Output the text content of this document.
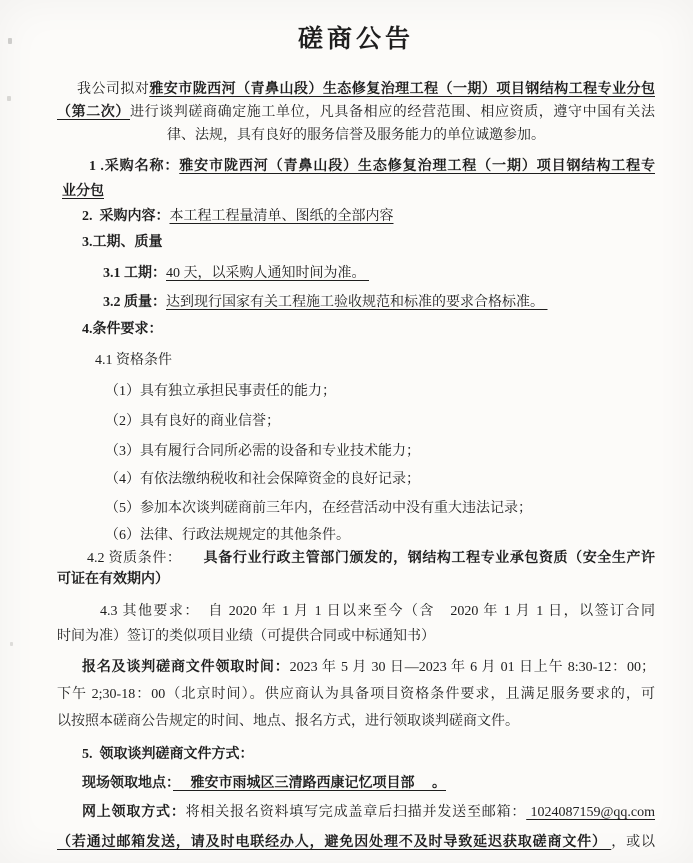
磋商公告
我公司拟对雅安市陇西河（青鼻山段）生态修复治理工程（一期）项目钢结构工程专业分包
（第二次）进行谈判磋商确定施工单位，凡具备相应的经营范围、相应资质，遵守中国有关法
律、法规，具有良好的服务信誉及服务能力的单位诚邀参加。
1 .采购名称：雅安市陇西河（青鼻山段）生态修复治理工程（一期）项目钢结构工程专
业分包
2.  采购内容：本工程工程量清单、图纸的全部内容
3.工期、质量
3.1 工期：40 天，以采购人通知时间为准。
3.2 质量：达到现行国家有关工程施工验收规范和标准的要求合格标准。
4.条件要求：
4.1 资格条件
（1）具有独立承担民事责任的能力；
（2）具有良好的商业信誉；
（3）具有履行合同所必需的设备和专业技术能力；
（4）有依法缴纳税收和社会保障资金的良好记录；
（5）参加本次谈判磋商前三年内，在经营活动中没有重大违法记录；
（6）法律、行政法规规定的其他条件。
4.2 资质条件：　　 具备行业行政主管部门颁发的，钢结构工程专业承包资质（安全生产许
可证在有效期内）
4.3 其他要求：　自 2020 年 1 月 1 日以来至今（含　2020 年 1 月 1 日，以签订合同
时间为准）签订的类似项目业绩（可提供合同或中标通知书）
报名及谈判磋商文件领取时间：2023 年 5 月 30 日—2023 年 6 月 01 日上午 8:30-12：00；
下午 2;30-18：00（北京时间）。供应商认为具备项目资格条件要求，且满足服务要求的，可
以按照本磋商公告规定的时间、地点、报名方式，进行领取谈判磋商文件。
5.  领取谈判磋商文件方式：
现场领取地点：　 雅安市雨城区三清路西康记忆项目部 　。
网上领取方式：将相关报名资料填写完成盖章后扫描并发送至邮箱： 1024087159@qq.com
（若通过邮箱发送，请及时电联经办人，避免因处理不及时导致延迟获取磋商文件） ，或以
